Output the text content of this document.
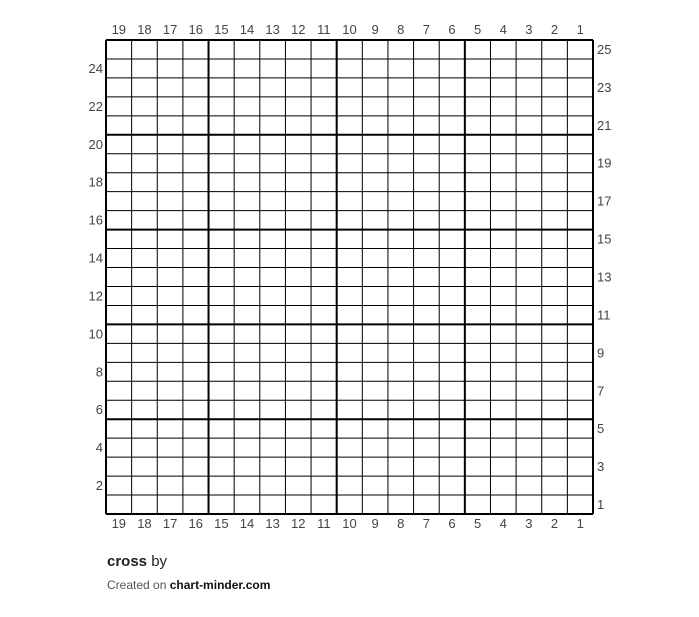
19 18 17 16 15 14 13 12 11 10 9 8 7 6 5 4 3 2 1
19 18 17 16 15 14 13 12 11 10 9 8 7 6 5 4 3 2 1
24
22
20
18
16
14
12
10
8
6
4
2
25
23
21
19
17
15
13
11
9
7
5
3
1
cross by
Created on chart-minder.com
